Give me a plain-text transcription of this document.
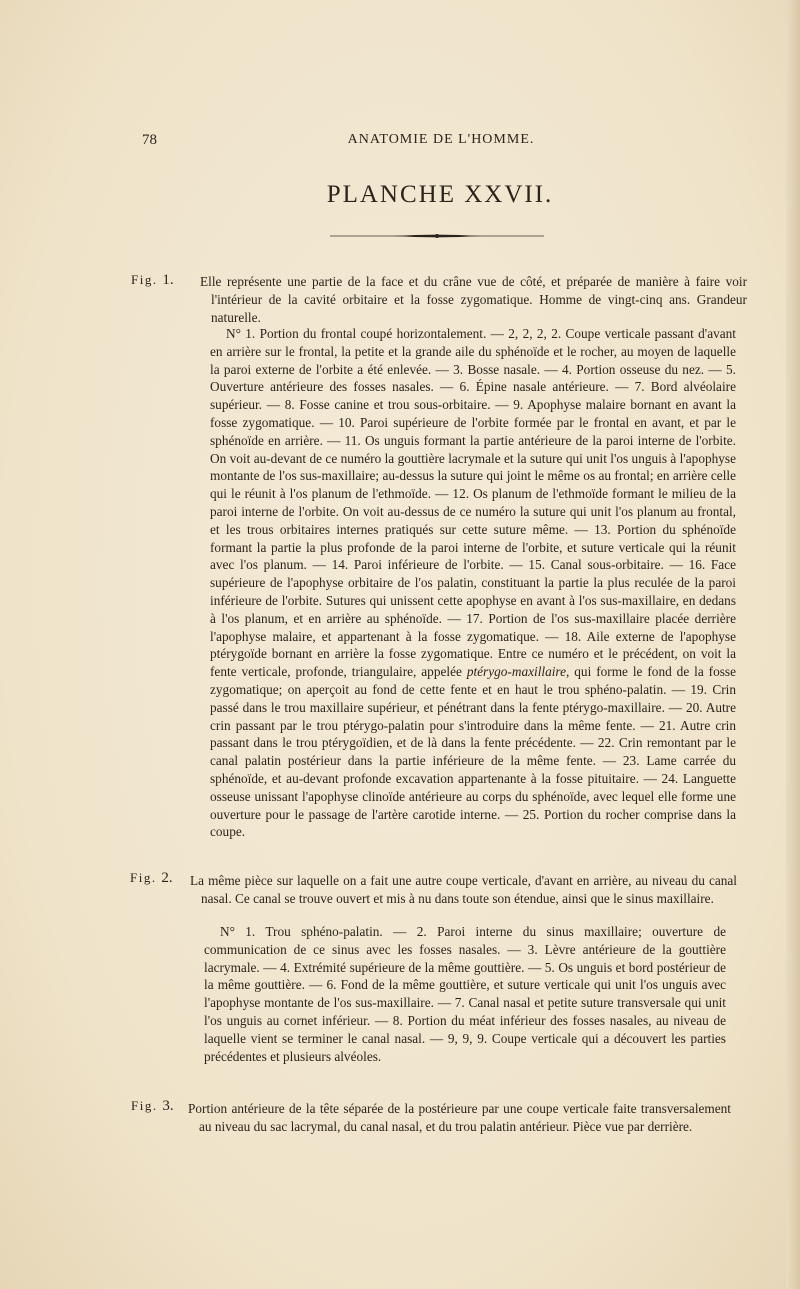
78	ANATOMIE DE L'HOMME.
PLANCHE XXVII.
Fig. 1. Elle représente une partie de la face et du crâne vue de côté, et préparée de manière à faire voir l'intérieur de la cavité orbitaire et la fosse zygomatique. Homme de vingt-cinq ans. Grandeur naturelle.

N° 1. Portion du frontal coupé horizontalement. — 2, 2, 2, 2. Coupe verticale passant d'avant en arrière sur le frontal, la petite et la grande aile du sphénoïde et le rocher, au moyen de laquelle la paroi externe de l'orbite a été enlevée. — 3. Bosse nasale. — 4. Portion osseuse du nez. — 5. Ouverture antérieure des fosses nasales. — 6. Épine nasale antérieure. — 7. Bord alvéolaire supérieur. — 8. Fosse canine et trou sous-orbitaire. — 9. Apophyse malaire bornant en avant la fosse zygomatique. — 10. Paroi supérieure de l'orbite formée par le frontal en avant, et par le sphénoïde en arrière. — 11. Os unguis formant la partie antérieure de la paroi interne de l'orbite. On voit au-devant de ce numéro la gouttière lacrymale et la suture qui unit l'os unguis à l'apophyse montante de l'os sus-maxillaire; au-dessus la suture qui joint le même os au frontal; en arrière celle qui le réunit à l'os planum de l'ethmoïde. — 12. Os planum de l'ethmoïde formant le milieu de la paroi interne de l'orbite. On voit au-dessus de ce numéro la suture qui unit l'os planum au frontal, et les trous orbitaires internes pratiqués sur cette suture même. — 13. Portion du sphénoïde formant la partie la plus profonde de la paroi interne de l'orbite, et suture verticale qui la réunit avec l'os planum. — 14. Paroi inférieure de l'orbite. — 15. Canal sous-orbitaire. — 16. Face supérieure de l'apophyse orbitaire de l'os palatin, constituant la partie la plus reculée de la paroi inférieure de l'orbite. Sutures qui unissent cette apophyse en avant à l'os sus-maxillaire, en dedans à l'os planum, et en arrière au sphénoïde. — 17. Portion de l'os sus-maxillaire placée derrière l'apophyse malaire, et appartenant à la fosse zygomatique. — 18. Aile externe de l'apophyse ptérygoïde bornant en arrière la fosse zygomatique. Entre ce numéro et le précédent, on voit la fente verticale, profonde, triangulaire, appelée ptérygo-maxillaire, qui forme le fond de la fosse zygomatique; on aperçoit au fond de cette fente et en haut le trou sphéno-palatin. — 19. Crin passé dans le trou maxillaire supérieur, et pénétrant dans la fente ptérygo-maxillaire. — 20. Autre crin passant par le trou ptérygo-palatin pour s'introduire dans la même fente. — 21. Autre crin passant dans le trou ptérygoïdien, et de là dans la fente précédente. — 22. Crin remontant par le canal palatin postérieur dans la partie inférieure de la même fente. — 23. Lame carrée du sphénoïde, et au-devant profonde excavation appartenante à la fosse pituitaire. — 24. Languette osseuse unissant l'apophyse clinoïde antérieure au corps du sphénoïde, avec lequel elle forme une ouverture pour le passage de l'artère carotide interne. — 25. Portion du rocher comprise dans la coupe.

Fig. 2. La même pièce sur laquelle on a fait une autre coupe verticale, d'avant en arrière, au niveau du canal nasal. Ce canal se trouve ouvert et mis à nu dans toute son étendue, ainsi que le sinus maxillaire.

N° 1. Trou sphéno-palatin. — 2. Paroi interne du sinus maxillaire; ouverture de communication de ce sinus avec les fosses nasales. — 3. Lèvre antérieure de la gouttière lacrymale. — 4. Extrémité supérieure de la même gouttière. — 5. Os unguis et bord postérieur de la même gouttière. — 6. Fond de la même gouttière, et suture verticale qui unit l'os unguis avec l'apophyse montante de l'os sus-maxillaire. — 7. Canal nasal et petite suture transversale qui unit l'os unguis au cornet inférieur. — 8. Portion du méat inférieur des fosses nasales, au niveau de laquelle vient se terminer le canal nasal. — 9, 9, 9. Coupe verticale qui a découvert les parties précédentes et plusieurs alvéoles.

Fig. 3. Portion antérieure de la tête séparée de la postérieure par une coupe verticale faite transversalement au niveau du sac lacrymal, du canal nasal, et du trou palatin antérieur. Pièce vue par derrière.
